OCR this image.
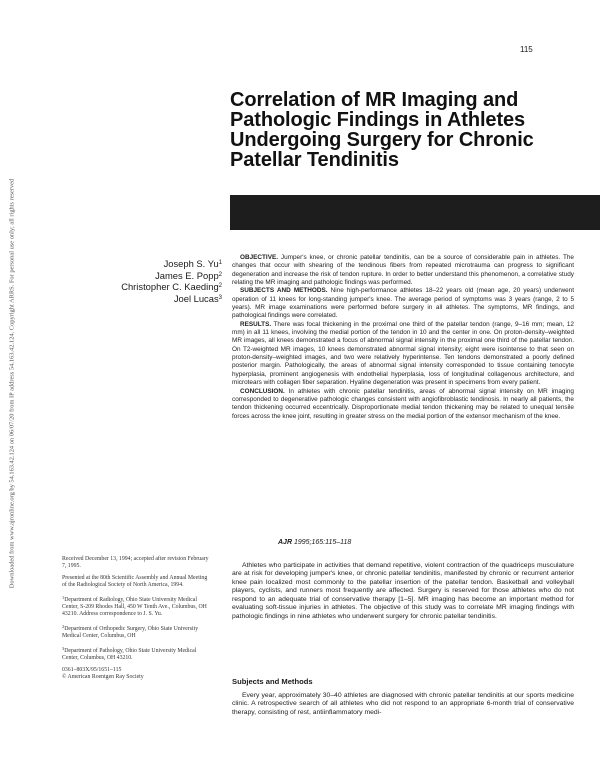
Downloaded from www.ajronline.org by 54.163.42.124 on 06/07/20 from IP address 54.163.42.124. Copyright ARRS. For personal use only; all rights reserved
115
Correlation of MR Imaging and
Pathologic Findings in Athletes
Undergoing Surgery for Chronic
Patellar Tendinitis
Joseph S. Yu$^1$
James E. Popp$^2$
Christopher C. Kaeding$^2$
Joel Lucas$^3$

OBJECTIVE. Jumper's knee, or chronic patellar tendinitis, can be a source of considerable pain in athletes. The changes that occur with shearing of the tendinous fibers from repeated microtrauma can progress to significant degeneration and increase the risk of tendon rupture. In order to better understand this phenomenon, a correlative study relating the MR imaging and pathologic findings was performed.

SUBJECTS AND METHODS. Nine high-performance athletes 18–22 years old (mean age, 20 years) underwent operation of 11 knees for long-standing jumper's knee. The average period of symptoms was 3 years (range, 2 to 5 years). MR image examinations were performed before surgery in all athletes. The symptoms, MR findings, and pathological findings were correlated.

RESULTS. There was focal thickening in the proximal one third of the patellar tendon (range, 9–16 mm; mean, 12 mm) in all 11 knees, involving the medial portion of the tendon in 10 and the center in one. On proton-density–weighted MR images, all knees demonstrated a focus of abnormal signal intensity in the proximal one third of the patellar tendon. On T2-weighted MR images, 10 knees demonstrated abnormal signal intensity; eight were isointense to that seen on proton-density–weighted images, and two were relatively hyperintense. Ten tendons demonstrated a poorly defined posterior margin. Pathologically, the areas of abnormal signal intensity corresponded to tissue containing tenocyte hyperplasia, prominent angiogenesis with endothelial hyperplasia, loss of longitudinal collagenous architecture, and microtears with collagen fiber separation. Hyaline degeneration was present in specimens from every patient.

CONCLUSION. In athletes with chronic patellar tendinitis, areas of abnormal signal intensity on MR imaging corresponded to degenerative pathologic changes consistent with angiofibroblastic tendinosis. In nearly all patients, the tendon thickening occurred eccentrically. Disproportionate medial tendon thickening may be related to unequal tensile forces across the knee joint, resulting in greater stress on the medial portion of the extensor mechanism of the knee.

AJR 1995;165:115–118

Received December 13, 1994; accepted after revision February 7, 1995.

Presented at the 80th Scientific Assembly and Annual Meeting of the Radiological Society of North America, 1994.

$^1$Department of Radiology, Ohio State University Medical Center, S-209 Rhodes Hall, 450 W Tenth Ave., Columbus, OH 43210. Address correspondence to J. S. Yu.

$^2$Department of Orthopedic Surgery, Ohio State University Medical Center, Columbus, OH

$^3$Department of Pathology, Ohio State University Medical Center, Columbus, OH 43210.

0361–803X/95/1651–115

© American Roentgen Ray Society

Athletes who participate in activities that demand repetitive, violent contraction of the quadriceps musculature are at risk for developing jumper's knee, or chronic patellar tendinitis, manifested by chronic or recurrent anterior knee pain localized most commonly to the patellar insertion of the patellar tendon. Basketball and volleyball players, cyclists, and runners most frequently are affected. Surgery is reserved for those athletes who do not respond to an adequate trial of conservative therapy [1–5]. MR imaging has become an important method for evaluating soft-tissue injuries in athletes. The objective of this study was to correlate MR imaging findings with pathologic findings in nine athletes who underwent surgery for chronic patellar tendinitis.

Subjects and Methods

Every year, approximately 30–40 athletes are diagnosed with chronic patellar tendinitis at our sports medicine clinic. A retrospective search of all athletes who did not respond to an appropriate 6-month trial of conservative therapy, consisting of rest, antiinflammatory medi-
